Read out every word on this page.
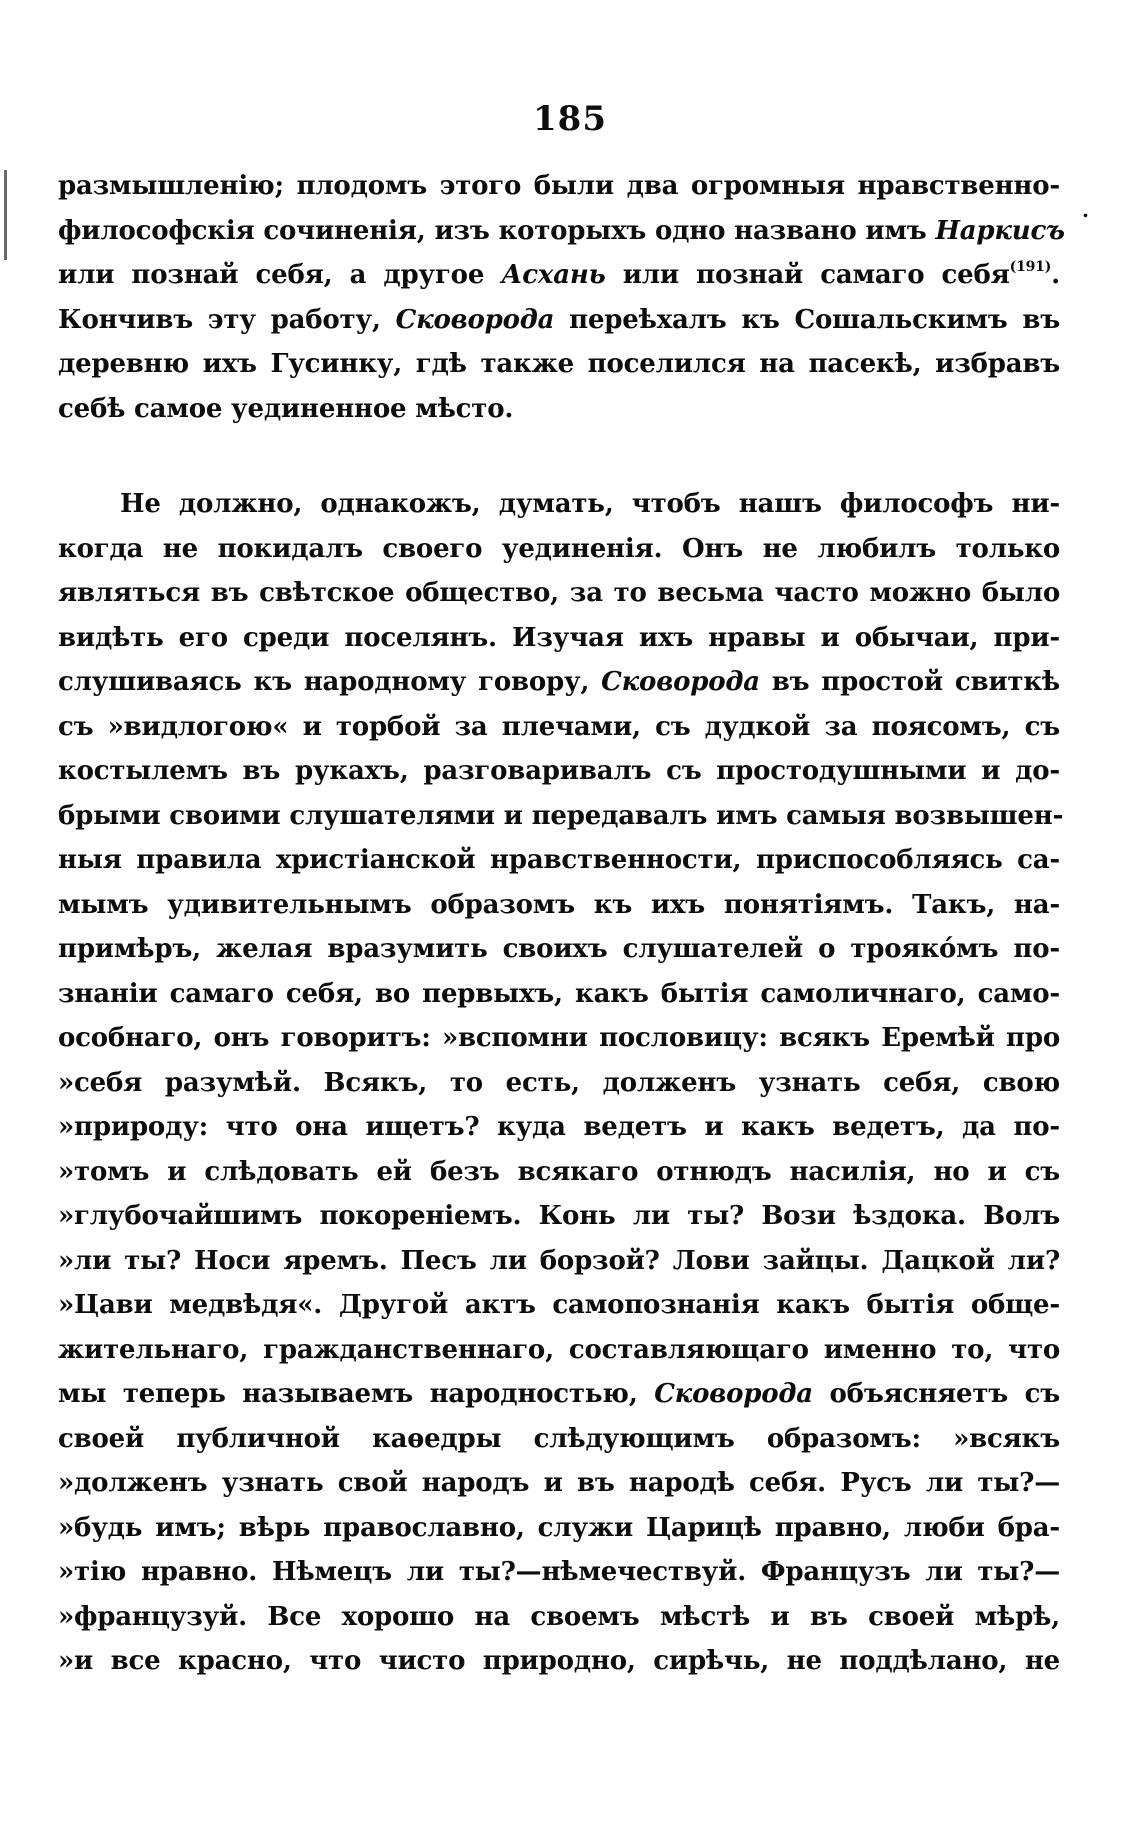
.
185
размышленію; плодомъ этого были два огромныя нравственно-
философскія сочиненія, изъ которыхъ одно названо имъ Наркисъ
или познай себя, а другое Асхань или познай самаго себя$^{(191)}$.
Кончивъ эту работу, Сковорода переѣхалъ къ Сошальскимъ въ
деревню ихъ Гусинку, гдѣ также поселился на пасекѣ, избравъ
себѣ самое уединенное мѣсто.
Не должно, однакожъ, думать, чтобъ нашъ философъ ни-
когда не покидалъ своего уединенія. Онъ не любилъ только
являться въ свѣтское общество, за то весьма часто можно было
видѣть его среди поселянъ. Изучая ихъ нравы и обычаи, при-
слушиваясь къ народному говору, Сковорода въ простой свиткѣ
съ »видлогою« и торбой за плечами, съ дудкой за поясомъ, съ
костылемъ въ рукахъ, разговаривалъ съ простодушными и до-
брыми своими слушателями и передавалъ имъ самыя возвышен-
ныя правила христіанской нравственности, приспособляясь са-
мымъ удивительнымъ образомъ къ ихъ понятіямъ. Такъ, на-
примѣръ, желая вразумить своихъ слушателей о трояко́мъ по-
знаніи самаго себя, во первыхъ, какъ бытія самоличнаго, само-
особнаго, онъ говоритъ: »вспомни пословицу: всякъ Еремѣй про
»себя разумѣй. Всякъ, то есть, долженъ узнать себя, свою
»природу: что она ищетъ? куда ведетъ и какъ ведетъ, да по-
»томъ и слѣдовать ей безъ всякаго отнюдъ насилія, но и съ
»глубочайшимъ покореніемъ. Конь ли ты? Вози ѣздока. Волъ
»ли ты? Носи яремъ. Песъ ли борзой? Лови зайцы. Дацкой ли?
»Цави медвѣдя«. Другой актъ самопознанія какъ бытія обще-
жительнаго, гражданственнаго, составляющаго именно то, что
мы теперь называемъ народностью, Сковорода объясняетъ съ
своей публичной каѳедры слѣдующимъ образомъ: »всякъ
»долженъ узнать свой народъ и въ народѣ себя. Русъ ли ты?—
»будь имъ; вѣрь православно, служи Царицѣ правно, люби бра-
»тію нравно. Нѣмецъ ли ты?—нѣмечествуй. Французъ ли ты?—
»французуй. Все хорошо на своемъ мѣстѣ и въ своей мѣрѣ,
»и все красно, что чисто природно, сирѣчь, не поддѣлано, не
